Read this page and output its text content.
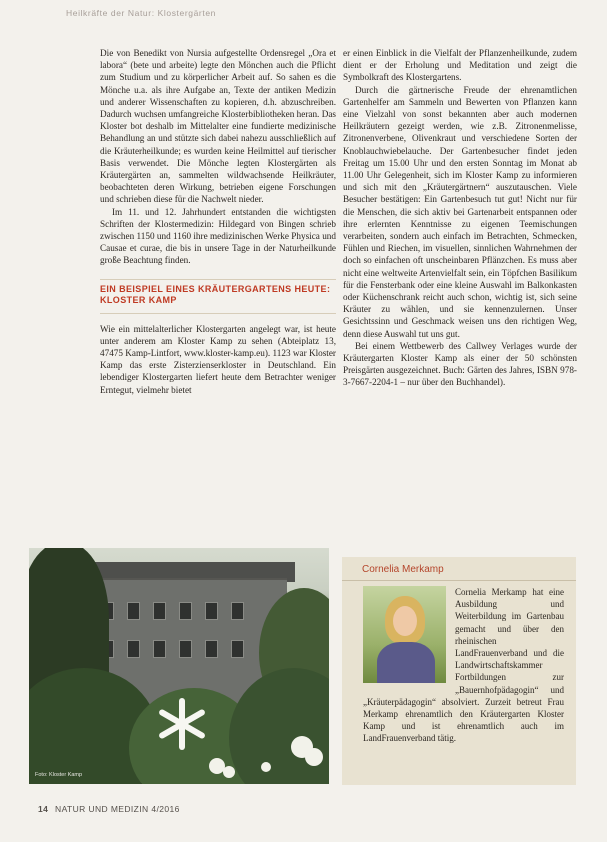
Heilkräfte der Natur: Klostergärten

Die von Benedikt von Nursia aufgestellte Ordensregel „Ora et labora“ (bete und arbeite) legte den Mönchen auch die Pflicht zum Studium und zu körperlicher Arbeit auf. So sahen es die Mönche u.a. als ihre Aufgabe an, Texte der antiken Medizin und anderer Wissenschaften zu kopieren, d.h. abzuschreiben. Dadurch wuchsen umfangreiche Klosterbibliotheken heran. Das Kloster bot deshalb im Mittelalter eine fundierte medizinische Behandlung an und stützte sich dabei nahezu ausschließlich auf die Kräuterheilkunde; es wurden keine Heilmittel auf tierischer Basis verwendet. Die Mönche legten Klostergärten als Kräutergärten an, sammelten wildwachsende Heilkräuter, beobachteten deren Wirkung, betrieben eigene Forschungen und schrieben diese für die Nachwelt nieder.

Im 11. und 12. Jahrhundert entstanden die wichtigsten Schriften der Klostermedizin: Hildegard von Bingen schrieb zwischen 1150 und 1160 ihre medizinischen Werke Physica und Causae et curae, die bis in unsere Tage in der Naturheilkunde große Beachtung finden.

EIN BEISPIEL EINES KRÄUTERGARTENS HEUTE: KLOSTER KAMP

Wie ein mittelalterlicher Klostergarten angelegt war, ist heute unter anderem am Kloster Kamp zu sehen (Abteiplatz 13, 47475 Kamp-Lintfort, www.kloster-kamp.eu). 1123 war Kloster Kamp das erste Zisterzienserkloster in Deutschland. Ein lebendiger Klostergarten liefert heute dem Betrachter weniger Erntegut, vielmehr bietet

er einen Einblick in die Vielfalt der Pflanzenheilkunde, zudem dient er der Erholung und Meditation und zeigt die Symbolkraft des Klostergartens.

Durch die gärtnerische Freude der ehrenamtlichen Gartenhelfer am Sammeln und Bewerten von Pflanzen kann eine Vielzahl von sonst bekannten aber auch modernen Heilkräutern gezeigt werden, wie z.B. Zitronenmelisse, Zitronenverbene, Olivenkraut und verschiedene Sorten der Knoblauchwiebelauche. Der Gartenbesucher findet jeden Freitag um 15.00 Uhr und den ersten Sonntag im Monat ab 11.00 Uhr Gelegenheit, sich im Kloster Kamp zu informieren und sich mit den „Kräutergärtnern“ auszutauschen. Viele Besucher bestätigen: Ein Gartenbesuch tut gut! Nicht nur für die Menschen, die sich aktiv bei Gartenarbeit entspannen oder ihre erlernten Kenntnisse zu eigenen Teemischungen verarbeiten, sondern auch einfach im Betrachten, Schmecken, Fühlen und Riechen, im visuellen, sinnlichen Wahrnehmen der doch so einfachen oft unscheinbaren Pflänzchen. Es muss aber nicht eine weltweite Artenvielfalt sein, ein Töpfchen Basilikum für die Fensterbank oder eine kleine Auswahl im Balkonkasten oder Küchenschrank reicht auch schon, wichtig ist, sich seine Kräuter zu wählen, und sie kennenzulernen. Unser Gesichtssinn und Geschmack weisen uns den richtigen Weg, denn diese Auswahl tut uns gut.

Bei einem Wettbewerb des Callwey Verlages wurde der Kräutergarten Kloster Kamp als einer der 50 schönsten Preisgärten ausgezeichnet. Buch: Gärten des Jahres, ISBN 978-3-7667-2204-1 – nur über den Buchhandel).

Foto: Kloster Kamp
Cornelia Merkamp
Cornelia Merkamp hat eine Ausbildung und Weiterbildung im Gartenbau gemacht und über den rheinischen LandFrauenverband und die Landwirtschaftskammer Fortbildungen zur „Bauernhofpädagogin“ und „Kräuterpädagogin“ absolviert. Zurzeit betreut Frau Merkamp ehrenamtlich den Kräutergarten Kloster Kamp und ist ehrenamtlich auch im LandFrauenverband tätig.
14 NATUR UND MEDIZIN 4/2016
